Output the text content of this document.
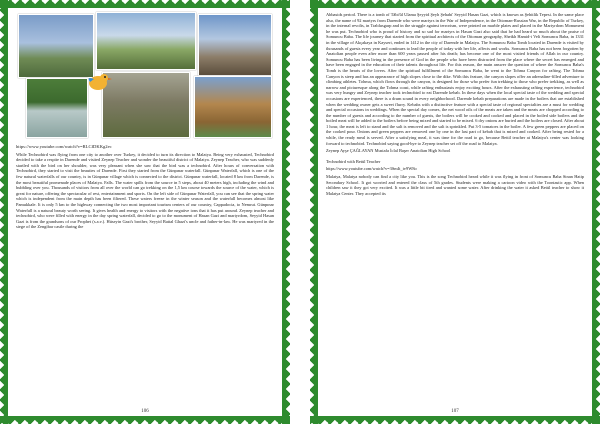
https://www.youtube.com/watch?v=RLCfDKKg2ec

While Technobird was flying from one city to another over Turkey, it decided to turn its direction to Malatya. Being very exhausted, Technobird decided to take a respite in Darende and visited Zeynep Teacher and wonder the beautiful district of Malatya. Zeynep Teacher, who was suddenly startled with the bird on her shoulder, was very pleasant when she saw that the bird was a technobird. After hours of conversation with Technobird, they started to visit the beauties of Darende. First they started from the Günpınar waterfall. Günpınar Waterfall, which is one of the few natural waterfalls of our country, is in Günpınar village which is connected to the district. Günpınar waterfall, located 8 km from Darende, is the most beautiful promenade places of Malatya. Falls. The water spills from the source in 5 steps, about 40 meters high, including the wind and bubbling over you. Thousands of visitors from all over the world can go trekking on the 1,5 km course towards the source of the water, which is great for nature, offering the spectacular of rest, entertainment and sports. On the left side of Günpınar Waterfall, you can see that the spring water which is independent from the main depth has been filtered. These waters freeze in the winter season and the waterfall becomes almost like Pamukkale. It is only 5 km to the highway connecting the two most important tourism centers of our country, Cappadocia, to Nemrut. Günpınar Waterfall is a natural beauty worth seeing. It gives health and energy to visitors with the negative ions that it has put around. Zeynep teacher and technobird, who were filled with energy in the day spring waterfall, decided to go to the monument of Hasan Gazi and martyrdom, Seyyid Hasan Gazi is from the grandsons of our Prophet (s.a.v.). Hüseyin Gazi's brother, Seyyid Battal Ghazi's uncle and father-in-law. He was martyred in the siege of the Zengibar castle during the

106

Abbasids period. There is a tomb of Tâbi'ûl Ulama Şeyyid Şeyh Şehabi' Seyyid Hasan Gazi, which is known as Şehitlik Tepesi. In the same place also, the name of 92 martyrs from Darende who were martyrs in the War of Independence, in the Ottoman-Russian War, in the Republic of Turkey, in the internal revolts, in Trablusgarp and in the struggle against terrorism, were printed on marble plates and placed in the Martyrdom Monument he was put. Technobird who is proud of history and so sad for martyrs in Hasan Gazi also said that he had heard so much about the praise of Somuncu Baba. The life journey that started from the spiritual architects of the Ottoman geography, Sheikh Hamid-i Veli Somuncu Baba, in 1331 in the village of Akçakaya in Kayseri, ended in 1412 in the city of Darende in Malatya. The Somuncu Baba Tomb located in Darende is visited by thousands of guests every year and continues to lead the people of today with her life, affects and works. Somuncu Baba has not been forgotten by Anatolian people even after more than 600 years passed after his death; has become one of the most visited friends of Allah in our country. Somuncu Baba has been living in the presence of God in the people who have been distracted from the place where the secret has emerged and have been engaged in the education of their talents throughout life. For this reason, the main answer the question of where the Somuncu Baba's Tomb is the hearts of the lovers. After the spiritual fulfillment of the Somuncu Baba, he went to the Tohma Canyon for rafting. The Tohma Canyon is steep and has an appearance of high slopes close to the dike. With this feature, the canyon slopes offer an adrenaline-filled adventure to climbing athletes. Tohma, which flows through the canyon, is designed for those who prefer fun trekking to those who prefer trekking, as well as narrow and picturesque along the Tohma coast, while rafting enthusiasts enjoy exciting hours. After the exhausting rafting experience, technobird was very hungry and Zeynep teacher took technobird to eat Darende kebab. In these days when the local special taste of the wedding and special occasions are experienced, there is a drum sound in every neighborhood. Darende kebab preparations are made in the boilers that are established when the wedding owner gets a sweet flurry. Kebabs with a distinctive feature with a special taste of regional specialties are a must for wedding and special occasions in weddings. When the special day comes, the net wood oils of the meats are taken and the meats are chopped according to the number of guests and according to the number of guests, the boilers will be cooked and cooked and placed in the boiled side boilers and the boiled meat will be added to the boilers before being mixed and started to be mixed. 6 dry onions are buried and the boilers are closed. After about 1 hour, the meat is left to stand and the salt is removed and the salt is sprinkled. Put 3-5 tomatoes in the boiler. A few green peppers are placed on the cooked pour. Onions and green peppers are removed one by one in the last part of kebab that is mixed and cooked. After being rested for a while, the ready meal is served. After a satisfying meal, it was time for the road to go, because Bettil teacher at Malatya's center was looking forward to technobird. Technobird saying good-bye to Zeynep teacher set off the road to Malatya.

Zeynep Ayşe ÇAĞLAYAN Mustafa İclal Başer Anatolian High School

Technobird with Betül Teacher

https://www.youtube.com/watch?v=3SmIt_iv9W8o

Malatya, Malatya nobody can find a city like you. This is the song Technobird heard while it was flying in front of Somuncu Baba Sinan Hatip Secondary School. It got worried and entered the class of 5th grades. Students were making a cartoon video with the Toontastic app. When children saw it they got very excited. It was a little bit tired and wanted some water. After drinking the water it asked Betül teacher to show it Malatya Center. They accepted its

107
